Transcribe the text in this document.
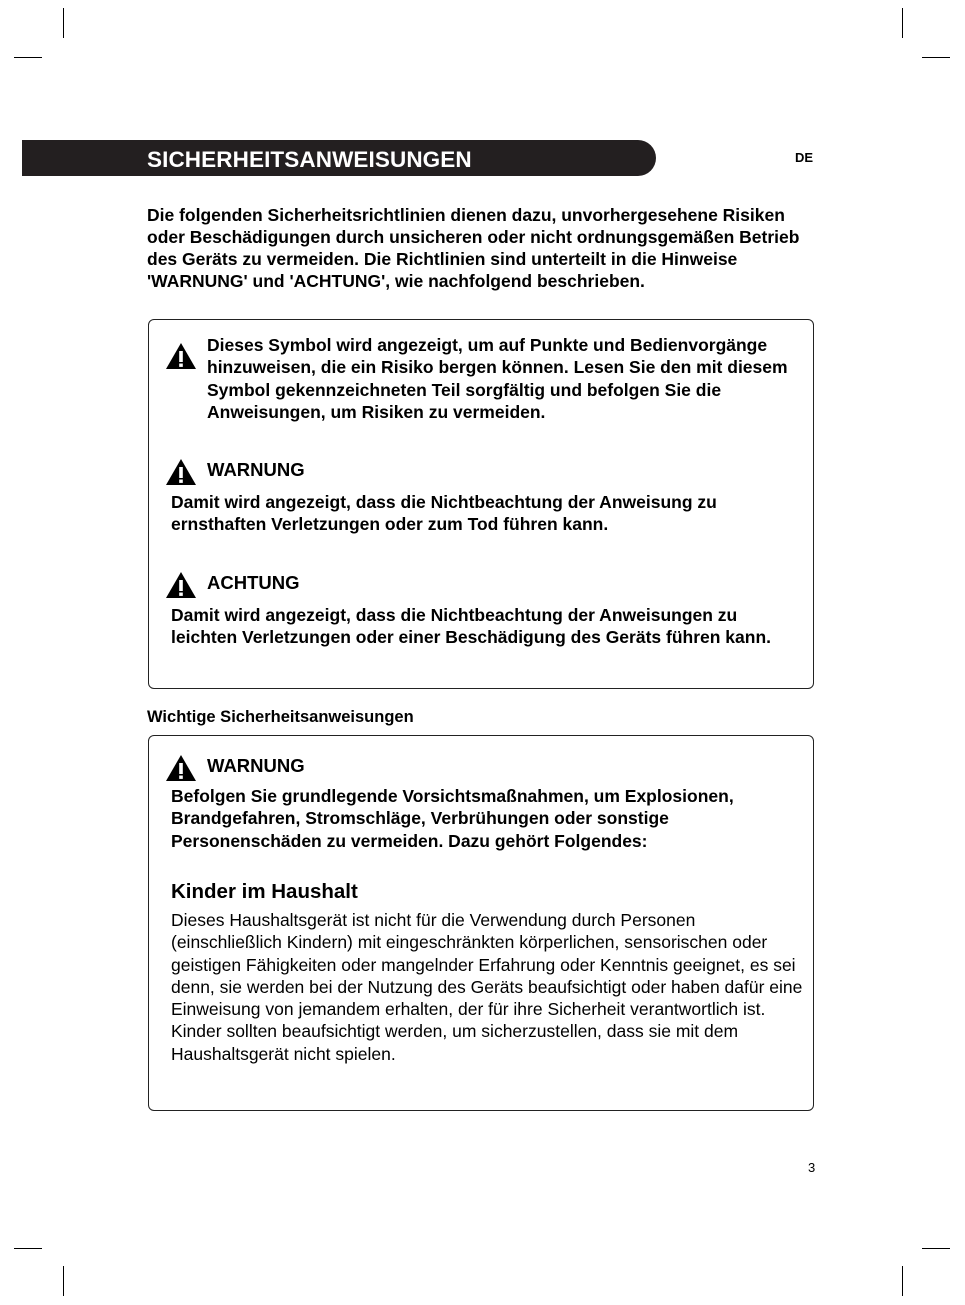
SICHERHEITSANWEISUNGEN	DE

Die folgenden Sicherheitsrichtlinien dienen dazu, unvorhergesehene Risiken oder Beschädigungen durch unsicheren oder nicht ordnungsgemäßen Betrieb des Geräts zu vermeiden. Die Richtlinien sind unterteilt in die Hinweise 'WARNUNG' und 'ACHTUNG', wie nachfolgend beschrieben.

Dieses Symbol wird angezeigt, um auf Punkte und Bedienvorgänge hinzuweisen, die ein Risiko bergen können. Lesen Sie den mit diesem Symbol gekennzeichneten Teil sorgfältig und befolgen Sie die Anweisungen, um Risiken zu vermeiden.

WARNUNG

Damit wird angezeigt, dass die Nichtbeachtung der Anweisung zu ernsthaften Verletzungen oder zum Tod führen kann.

ACHTUNG

Damit wird angezeigt, dass die Nichtbeachtung der Anweisungen zu leichten Verletzungen oder einer Beschädigung des Geräts führen kann.

Wichtige Sicherheitsanweisungen
WARNUNG

Befolgen Sie grundlegende Vorsichtsmaßnahmen, um Explosionen, Brandgefahren, Stromschläge, Verbrühungen oder sonstige Personenschäden zu vermeiden. Dazu gehört Folgendes:

Kinder im Haushalt

Dieses Haushaltsgerät ist nicht für die Verwendung durch Personen (einschließlich Kindern) mit eingeschränkten körperlichen, sensorischen oder geistigen Fähigkeiten oder mangelnder Erfahrung oder Kenntnis geeignet, es sei denn, sie werden bei der Nutzung des Geräts beaufsichtigt oder haben dafür eine Einweisung von jemandem erhalten, der für ihre Sicherheit verantwortlich ist. Kinder sollten beaufsichtigt werden, um sicherzustellen, dass sie mit dem Haushaltsgerät nicht spielen.

3
